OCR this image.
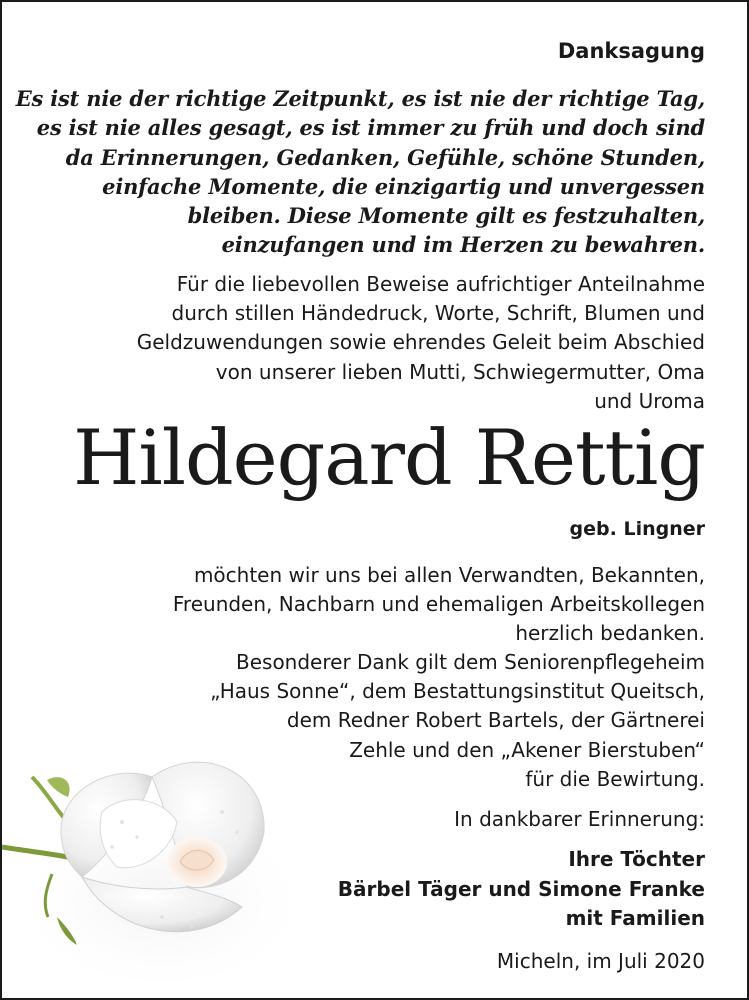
Danksagung
Es ist nie der richtige Zeitpunkt, es ist nie der richtige Tag,
es ist nie alles gesagt, es ist immer zu früh und doch sind
da Erinnerungen, Gedanken, Gefühle, schöne Stunden,
einfache Momente, die einzigartig und unvergessen
bleiben. Diese Momente gilt es festzuhalten,
einzufangen und im Herzen zu bewahren.
Für die liebevollen Beweise aufrichtiger Anteilnahme
durch stillen Händedruck, Worte, Schrift, Blumen und
Geldzuwendungen sowie ehrendes Geleit beim Abschied
von unserer lieben Mutti, Schwiegermutter, Oma
und Uroma
Hildegard Rettig
geb. Lingner
möchten wir uns bei allen Verwandten, Bekannten,
Freunden, Nachbarn und ehemaligen Arbeitskollegen
herzlich bedanken.
Besonderer Dank gilt dem Seniorenpflegeheim
„Haus Sonne“, dem Bestattungsinstitut Queitsch,
dem Redner Robert Bartels, der Gärtnerei
Zehle und den „Akener Bierstuben“
für die Bewirtung.
In dankbarer Erinnerung:
Ihre Töchter
Bärbel Täger und Simone Franke
mit Familien
Micheln, im Juli 2020
